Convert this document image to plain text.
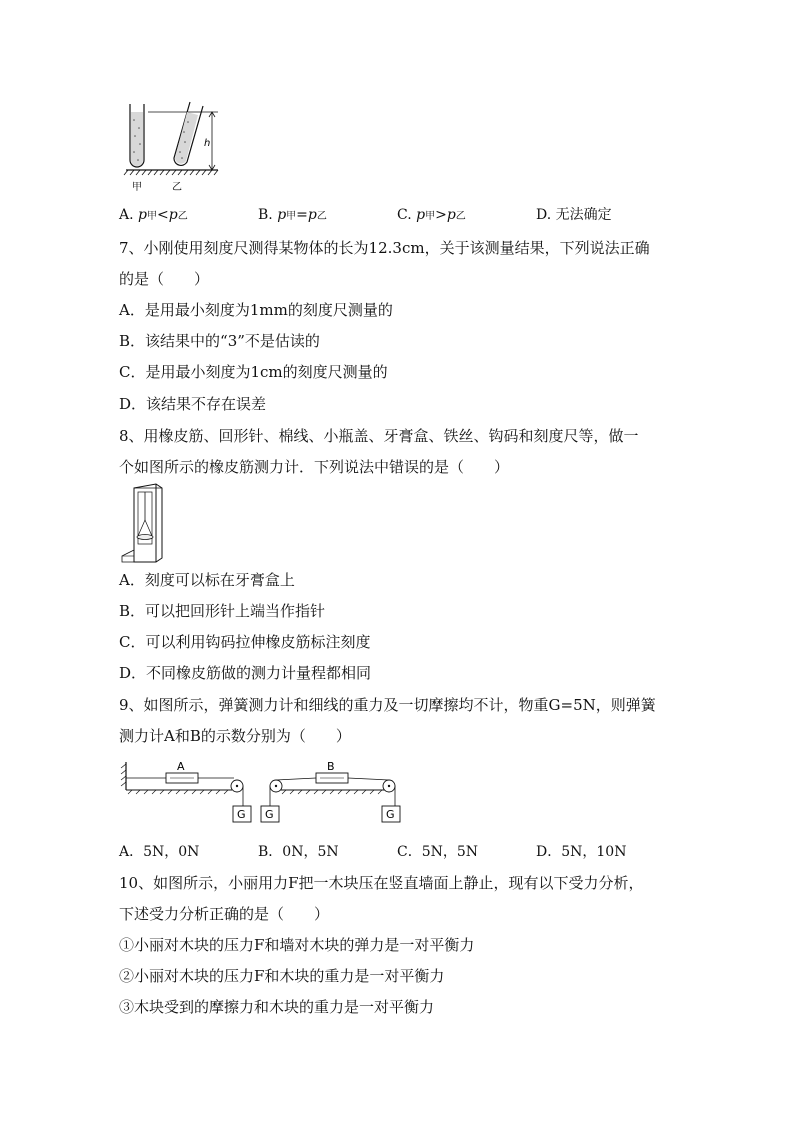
h
甲	乙
A. p甲<p乙	B. p甲=p乙	C. p甲>p乙	D. 无法确定
7、小刚使用刻度尺测得某物体的长为12.3cm，关于该测量结果，下列说法正确
的是（　　）
A．是用最小刻度为1mm的刻度尺测量的
B．该结果中的“3”不是估读的
C．是用最小刻度为1cm的刻度尺测量的
D．该结果不存在误差
8、用橡皮筋、回形针、棉线、小瓶盖、牙膏盒、铁丝、钩码和刻度尺等，做一
个如图所示的橡皮筋测力计．下列说法中错误的是（　　）
A．刻度可以标在牙膏盒上
B．可以把回形针上端当作指针
C．可以利用钩码拉伸橡皮筋标注刻度
D．不同橡皮筋做的测力计量程都相同
9、如图所示，弹簧测力计和细线的重力及一切摩擦均不计，物重G=5N，则弹簧
测力计A和B的示数分别为（　　）
A
G
B
G	G
A．5N，0N	B．0N，5N	C．5N，5N	D．5N，10N
10、如图所示，小丽用力F把一木块压在竖直墙面上静止，现有以下受力分析，
下述受力分析正确的是（　　）
①小丽对木块的压力F和墙对木块的弹力是一对平衡力
②小丽对木块的压力F和木块的重力是一对平衡力
③木块受到的摩擦力和木块的重力是一对平衡力
